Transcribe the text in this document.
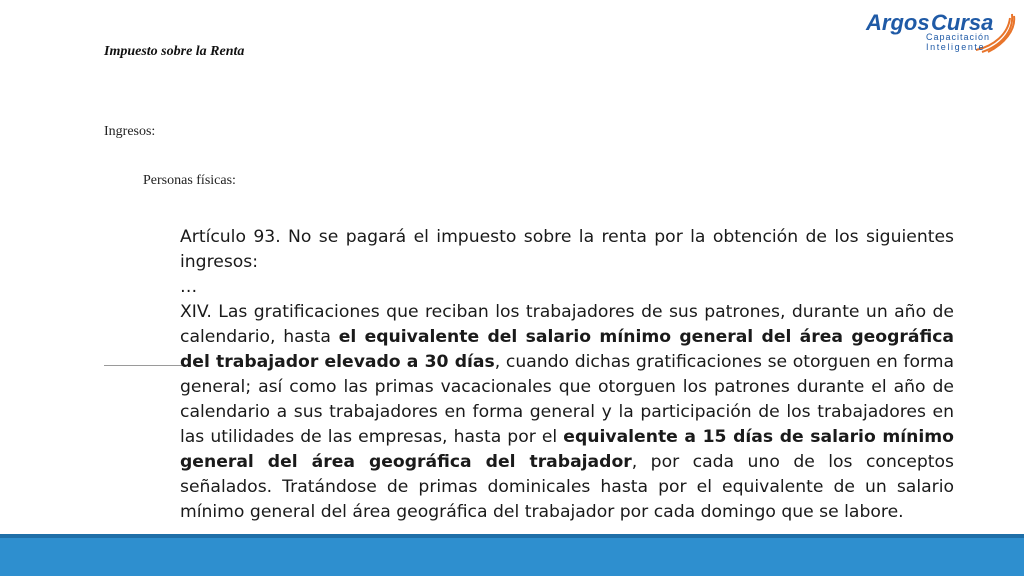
Impuesto sobre la Renta
Argos Cursa
Capacitación
Inteligente
Ingresos:
Personas físicas:

Artículo 93. No se pagará el impuesto sobre la renta por la obtención de los siguientes ingresos:

…

XIV. Las gratificaciones que reciban los trabajadores de sus patrones, durante un año de calendario, hasta el equivalente del salario mínimo general del área geográfica del trabajador elevado a 30 días, cuando dichas gratificaciones se otorguen en forma general; así como las primas vacacionales que otorguen los patrones durante el año de calendario a sus trabajadores en forma general y la participación de los trabajadores en las utilidades de las empresas, hasta por el equivalente a 15 días de salario mínimo general del área geográfica del trabajador, por cada uno de los conceptos señalados. Tratándose de primas dominicales hasta por el equivalente de un salario mínimo general del área geográfica del trabajador por cada domingo que se labore.
